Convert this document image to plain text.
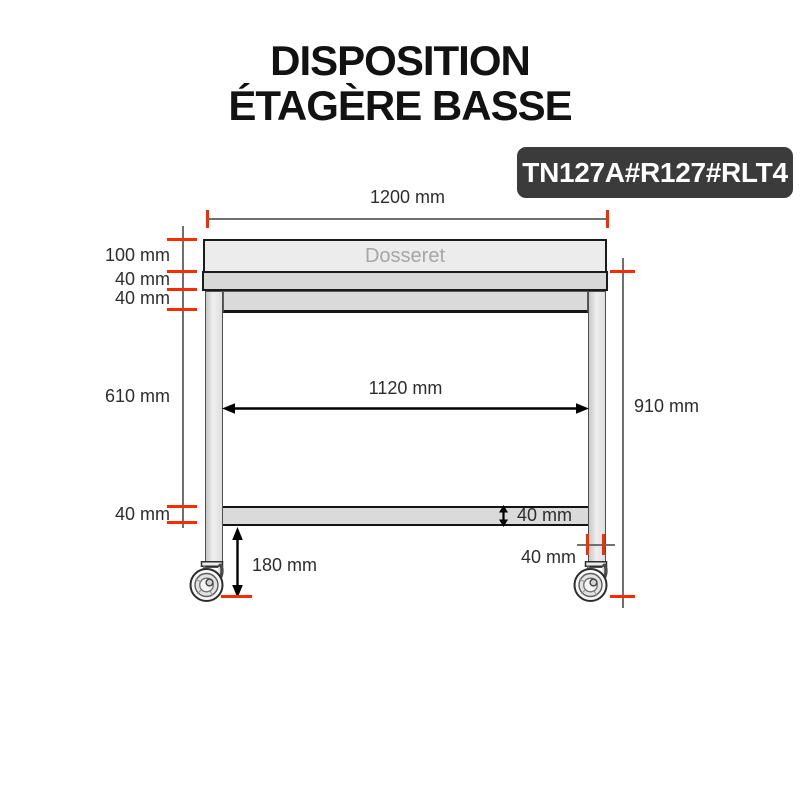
DISPOSITION
ÉTAGÈRE BASSE
TN127A#R127#RLT4
Dosseret
1200 mm
100 mm
40 mm
40 mm
610 mm
40 mm
910 mm
1120 mm
40 mm
40 mm
180 mm
